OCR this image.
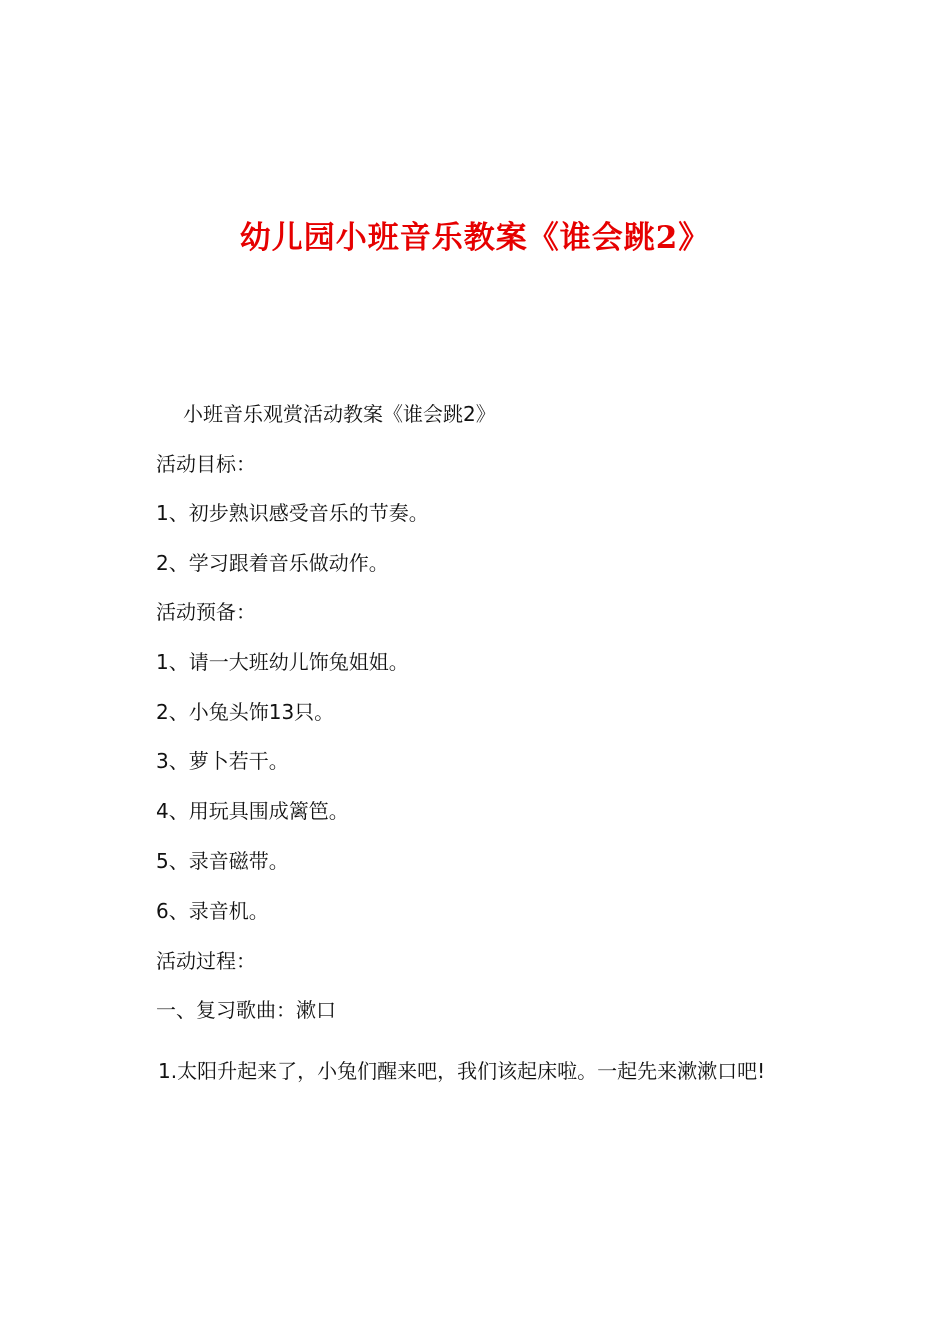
幼儿园小班音乐教案《谁会跳2》
小班音乐观赏活动教案《谁会跳2》
活动目标：
1、初步熟识感受音乐的节奏。
2、学习跟着音乐做动作。
活动预备：
1、请一大班幼儿饰兔姐姐。
2、小兔头饰13只。
3、萝卜若干。
4、用玩具围成篱笆。
5、录音磁带。
6、录音机。
活动过程：
一、复习歌曲：漱口
1.太阳升起来了，小兔们醒来吧，我们该起床啦。一起先来漱漱口吧!
